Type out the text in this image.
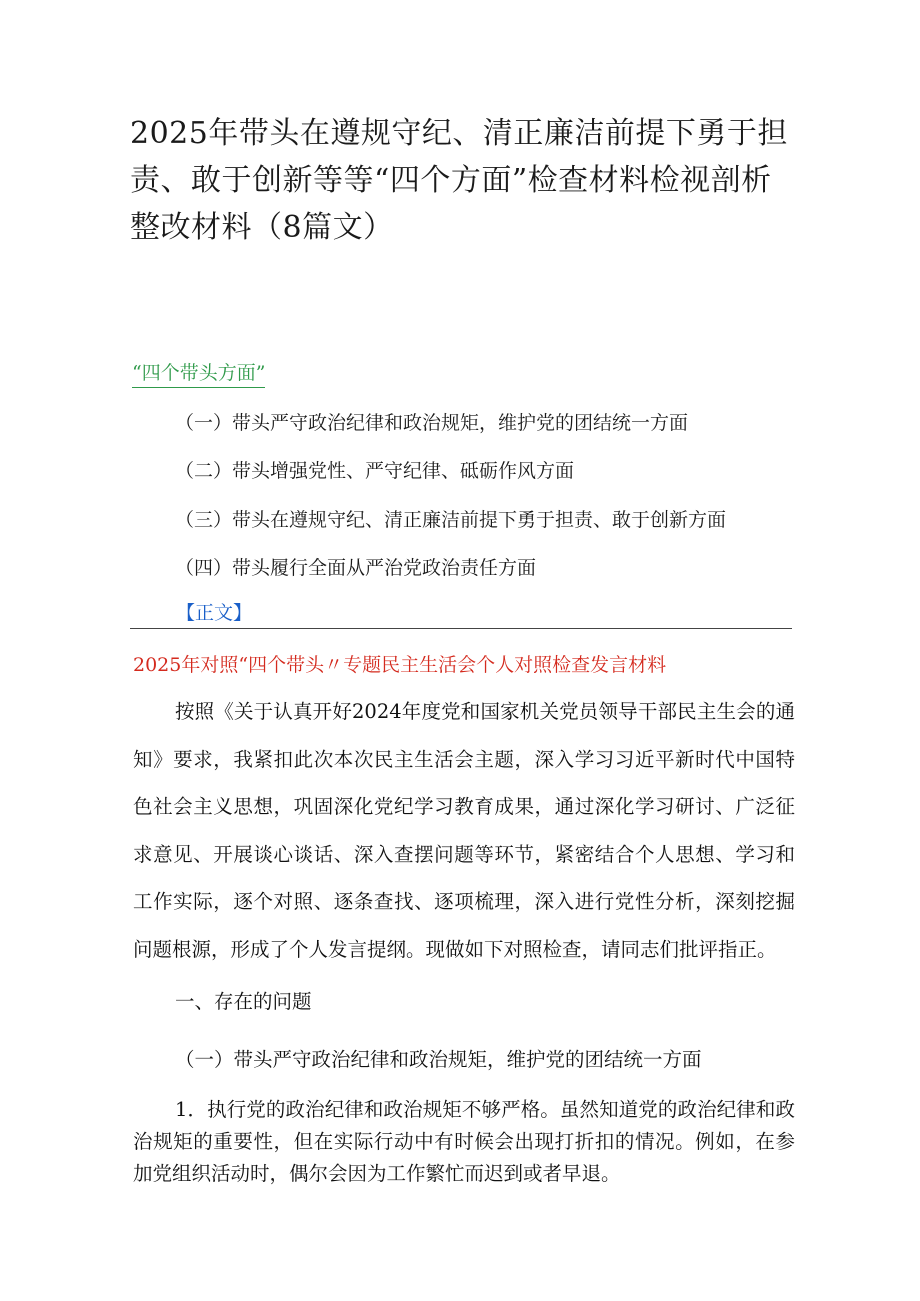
2025年带头在遵规守纪、清正廉洁前提下勇于担责、敢于创新等等“四个方面”检查材料检视剖析整改材料（8篇文）
“四个带头方面”
（一）带头严守政治纪律和政治规矩，维护党的团结统一方面
（二）带头增强党性、严守纪律、砥砺作风方面
（三）带头在遵规守纪、清正廉洁前提下勇于担责、敢于创新方面
（四）带头履行全面从严治党政治责任方面
【正文】
2025年对照“四个带头〃专题民主生活会个人对照检查发言材料

按照《关于认真开好2024年度党和国家机关党员领导干部民主生会的通知》要求，我紧扣此次本次民主生活会主题，深入学习习近平新时代中国特色社会主义思想，巩固深化党纪学习教育成果，通过深化学习研讨、广泛征求意见、开展谈心谈话、深入查摆问题等环节，紧密结合个人思想、学习和工作实际，逐个对照、逐条查找、逐项梳理，深入进行党性分析，深刻挖掘问题根源，形成了个人发言提纲。现做如下对照检查，请同志们批评指正。

一、存在的问题
（一）带头严守政治纪律和政治规矩，维护党的团结统一方面

1．执行党的政治纪律和政治规矩不够严格。虽然知道党的政治纪律和政治规矩的重要性，但在实际行动中有时候会出现打折扣的情况。例如，在参加党组织活动时，偶尔会因为工作繁忙而迟到或者早退。
